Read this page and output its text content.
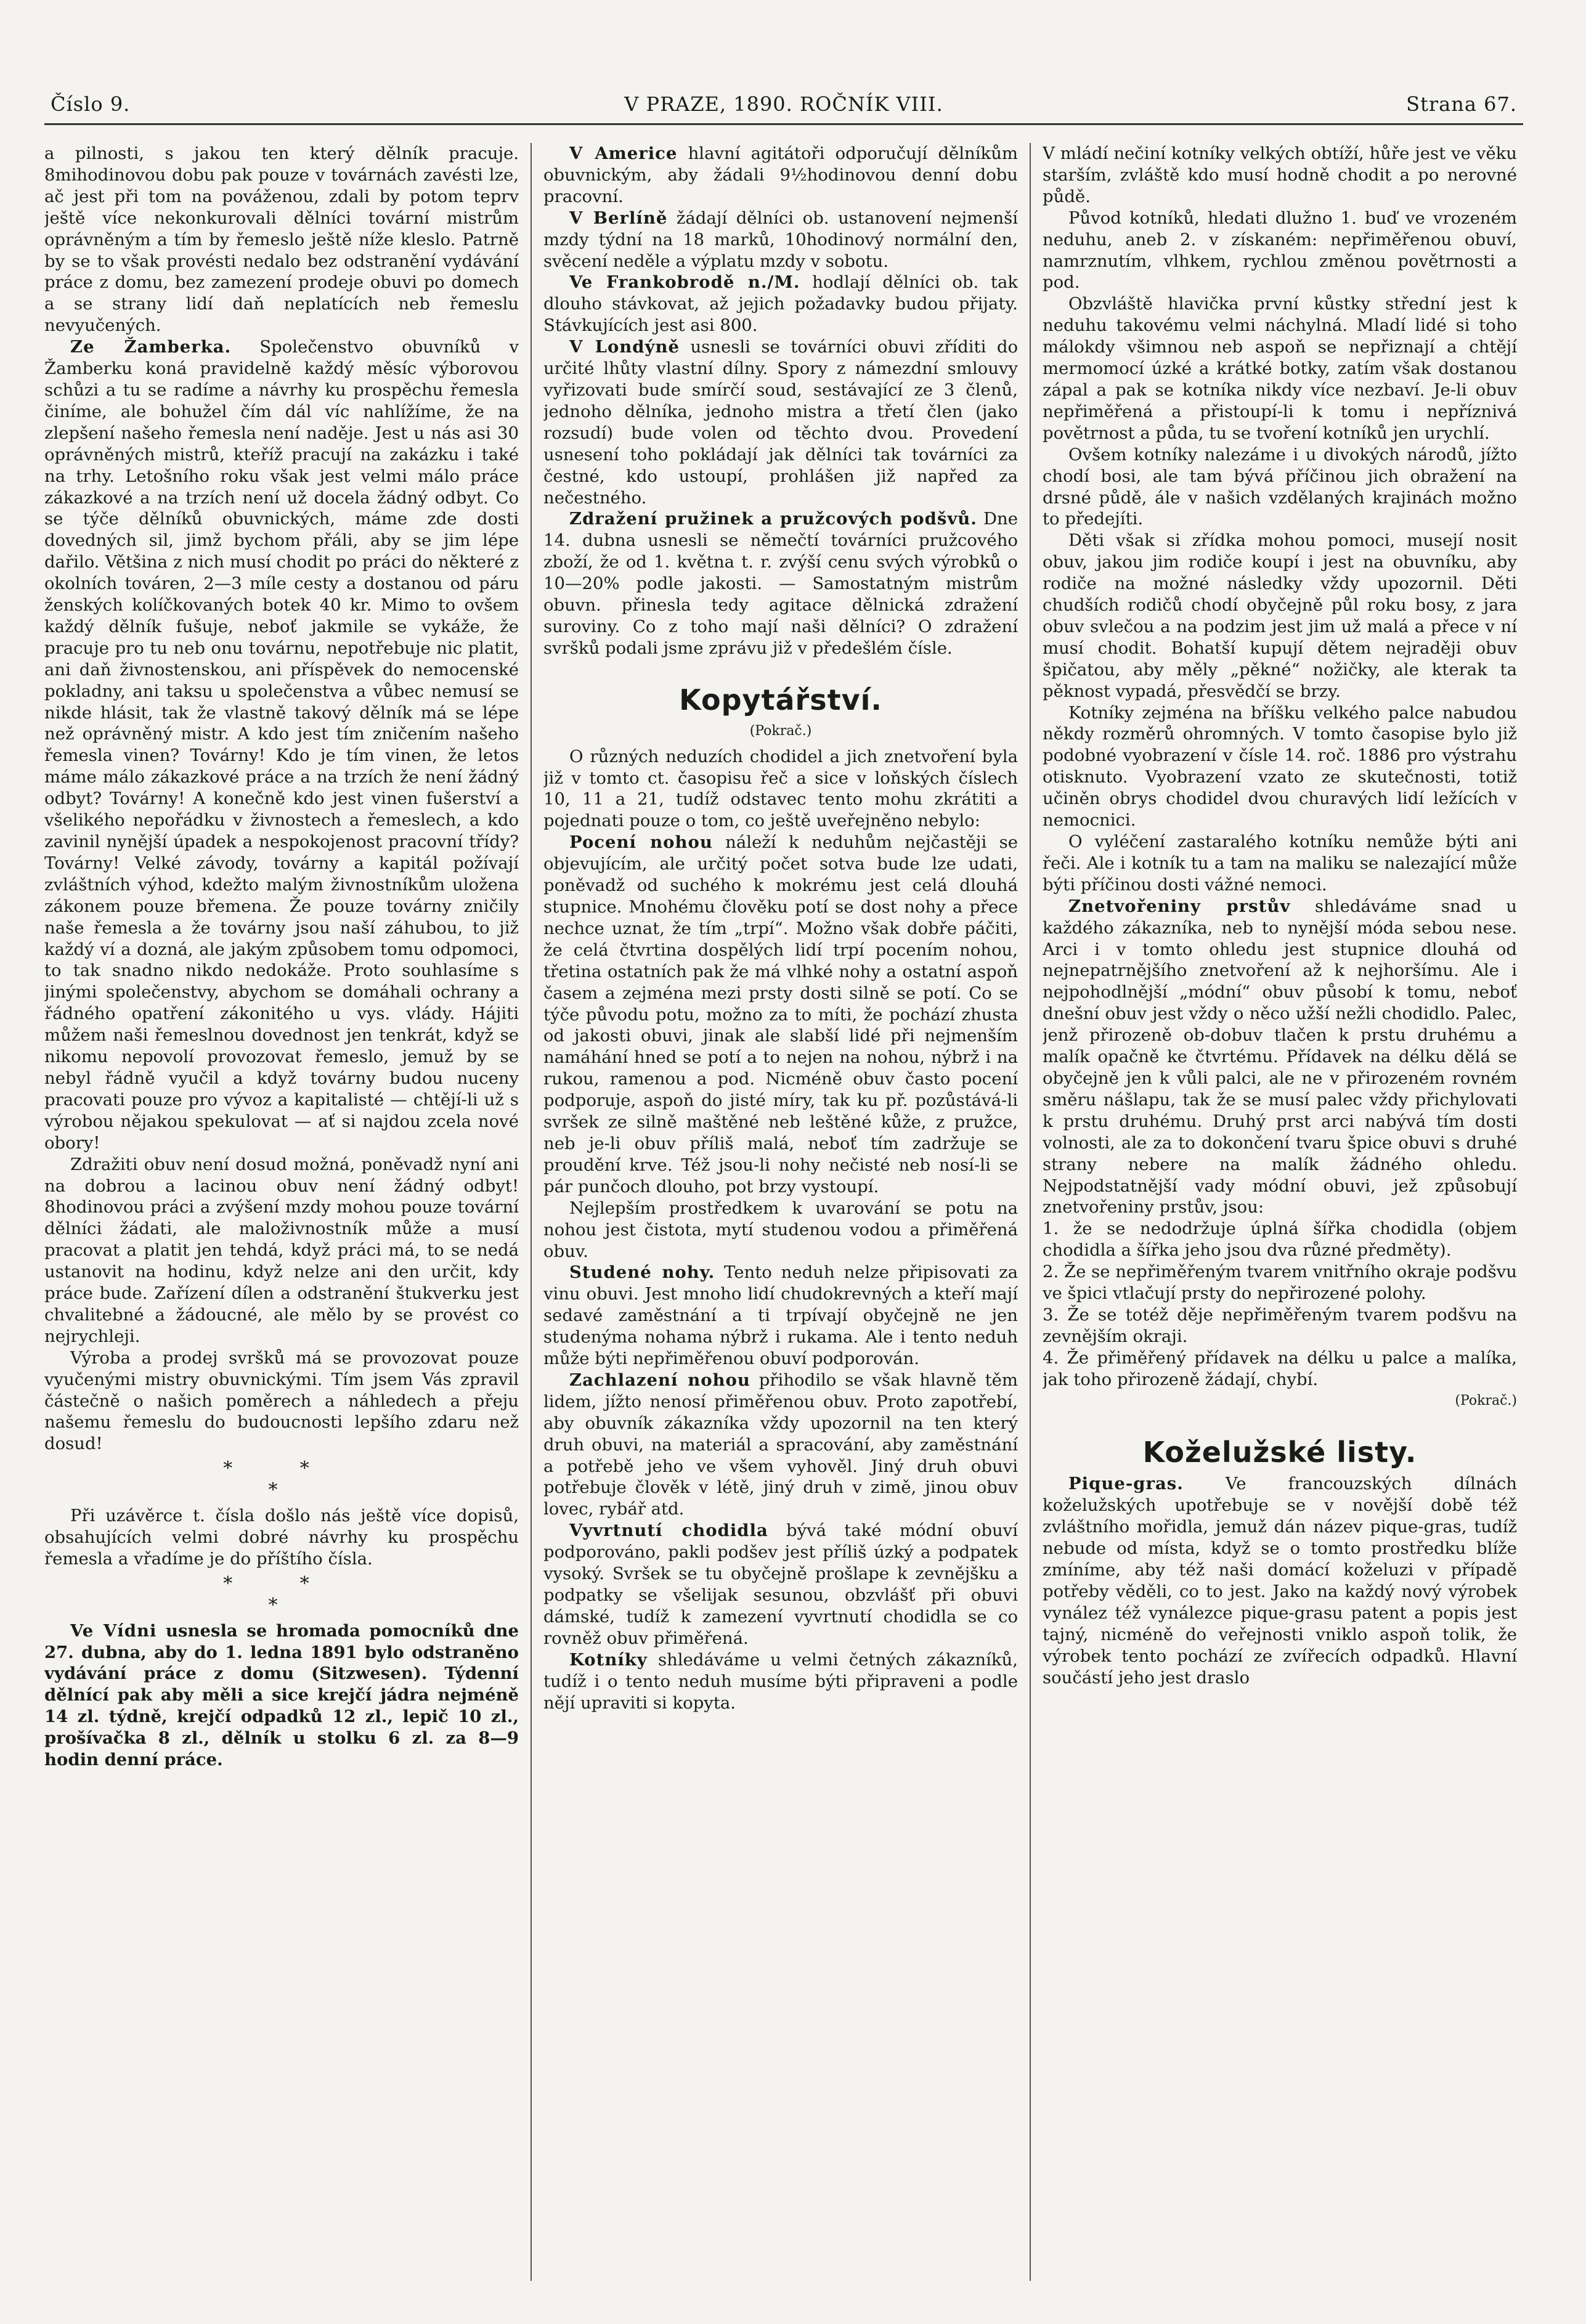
Číslo 9.	V PRAZE, 1890. ROČNÍK VIII.	Strana 67.

a pilnosti, s jakou ten který dělník pracuje. 8mihodinovou dobu pak pouze v továrnách zavésti lze, ač jest při tom na pováženou, zdali by potom teprv ještě více nekonkurovali dělníci tovární mistrům oprávněným a tím by řemeslo ještě níže kleslo. Patrně by se to však provésti nedalo bez odstranění vydávání práce z domu, bez zamezení prodeje obuvi po domech a se strany lidí daň neplatících neb řemeslu nevyučených.

Ze Žamberka. Společenstvo obuvníků v Žamberku koná pravidelně každý měsíc výborovou schůzi a tu se radíme a návrhy ku prospěchu řemesla činíme, ale bohužel čím dál víc nahlížíme, že na zlepšení našeho řemesla není naděje. Jest u nás asi 30 oprávněných mistrů, kteříž pracují na zakázku i také na trhy. Letošního roku však jest velmi málo práce zákazkové a na trzích není už docela žádný odbyt. Co se týče dělníků obuvnických, máme zde dosti dovedných sil, jimž bychom přáli, aby se jim lépe dařilo. Většina z nich musí chodit po práci do některé z okolních továren, 2—3 míle cesty a dostanou od páru ženských kolíčkovaných botek 40 kr. Mimo to ovšem každý dělník fušuje, neboť jakmile se vykáže, že pracuje pro tu neb onu továrnu, nepotřebuje nic platit, ani daň živnostenskou, ani příspěvek do nemocenské pokladny, ani taksu u společenstva a vůbec nemusí se nikde hlásit, tak že vlastně takový dělník má se lépe než oprávněný mistr. A kdo jest tím zničením našeho řemesla vinen? Továrny! Kdo je tím vinen, že letos máme málo zákazkové práce a na trzích že není žádný odbyt? Továrny! A konečně kdo jest vinen fušerství a všelikého nepořádku v živnostech a řemeslech, a kdo zavinil nynější úpadek a nespokojenost pracovní třídy? Továrny! Velké závody, továrny a kapitál požívají zvláštních výhod, kdežto malým živnostníkům uložena zákonem pouze břemena. Že pouze továrny zničily naše řemesla a že továrny jsou naší záhubou, to již každý ví a dozná, ale jakým způsobem tomu odpomoci, to tak snadno nikdo nedokáže. Proto souhlasíme s jinými společenstvy, abychom se domáhali ochrany a řádného opatření zákonitého u vys. vlády. Hájiti můžem naši řemeslnou dovednost jen tenkrát, když se nikomu nepovolí provozovat řemeslo, jemuž by se nebyl řádně vyučil a když továrny budou nuceny pracovati pouze pro vývoz a kapitalisté — chtějí-li už s výrobou nějakou spekulovat — ať si najdou zcela nové obory!

Zdražiti obuv není dosud možná, poněvadž nyní ani na dobrou a lacinou obuv není žádný odbyt! 8hodinovou práci a zvýšení mzdy mohou pouze tovární dělníci žádati, ale maloživnostník může a musí pracovat a platit jen tehdá, když práci má, to se nedá ustanovit na hodinu, když nelze ani den určit, kdy práce bude. Zařízení dílen a odstranění štukverku jest chvalitebné a žádoucné, ale mělo by se provést co nejrychleji.

Výroba a prodej svršků má se provozovat pouze vyučenými mistry obuvnickými. Tím jsem Vás zpravil částečně o našich poměrech a náhledech a přeju našemu řemeslu do budoucnosti lepšího zdaru než dosud!

* *
*

Při uzávěrce t. čísla došlo nás ještě více dopisů, obsahujících velmi dobré návrhy ku prospěchu řemesla a vřadíme je do příštího čísla.

* *
*

Ve Vídni usnesla se hromada pomocníků dne 27. dubna, aby do 1. ledna 1891 bylo odstraněno vydávání práce z domu (Sitzwesen). Týdenní dělnící pak aby měli a sice krejčí jádra nejméně 14 zl. týdně, krejčí odpadků 12 zl., lepič 10 zl., prošívačka 8 zl., dělník u stolku 6 zl. za 8—9 hodin denní práce.

V Americe hlavní agitátoři odporučují dělníkům obuvnickým, aby žádali 9½hodinovou denní dobu pracovní.

V Berlíně žádají dělníci ob. ustanovení nejmenší mzdy týdní na 18 marků, 10hodinový normální den, svěcení neděle a výplatu mzdy v sobotu.

Ve Frankobrodě n./M. hodlají dělníci ob. tak dlouho stávkovat, až jejich požadavky budou přijaty. Stávkujících jest asi 800.

V Londýně usnesli se továrníci obuvi zříditi do určité lhůty vlastní dílny. Spory z námezdní smlouvy vyřizovati bude smírčí soud, sestávající ze 3 členů, jednoho dělníka, jednoho mistra a třetí člen (jako rozsudí) bude volen od těchto dvou. Provedení usnesení toho pokládají jak dělníci tak továrníci za čestné, kdo ustoupí, prohlášen již napřed za nečestného.

Zdražení pružinek a pružcových podšvů. Dne 14. dubna usnesli se němečtí továrníci pružcového zboží, že od 1. května t. r. zvýší cenu svých výrobků o 10—20% podle jakosti. — Samostatným mistrům obuvn. přinesla tedy agitace dělnická zdražení suroviny. Co z toho mají naši dělníci? O zdražení svršků podali jsme zprávu již v předešlém čísle.

Kopytářství.
(Pokrač.)

O různých neduzích chodidel a jich znetvoření byla již v tomto ct. časopisu řeč a sice v loňských číslech 10, 11 a 21, tudíž odstavec tento mohu zkrátiti a pojednati pouze o tom, co ještě uveřejněno nebylo:

Pocení nohou náleží k neduhům nejčastěji se objevujícím, ale určitý počet sotva bude lze udati, poněvadž od suchého k mokrému jest celá dlouhá stupnice. Mnohému člověku potí se dost nohy a přece nechce uznat, že tím „trpí“. Možno však dobře páčiti, že celá čtvrtina dospělých lidí trpí pocením nohou, třetina ostatních pak že má vlhké nohy a ostatní aspoň časem a zejména mezi prsty dosti silně se potí. Co se týče původu potu, možno za to míti, že pochází zhusta od jakosti obuvi, jinak ale slabší lidé při nejmenším namáhání hned se potí a to nejen na nohou, nýbrž i na rukou, ramenou a pod. Nicméně obuv často pocení podporuje, aspoň do jisté míry, tak ku př. pozůstává-li svršek ze silně maštěné neb leštěné kůže, z pružce, neb je-li obuv příliš malá, neboť tím zadržuje se proudění krve. Též jsou-li nohy nečisté neb nosí-li se pár punčoch dlouho, pot brzy vystoupí.

Nejlepším prostředkem k uvarování se potu na nohou jest čistota, mytí studenou vodou a přiměřená obuv.

Studené nohy. Tento neduh nelze připisovati za vinu obuvi. Jest mnoho lidí chudokrevných a kteří mají sedavé zaměstnání a ti trpívají obyčejně ne jen studenýma nohama nýbrž i rukama. Ale i tento neduh může býti nepřiměřenou obuví podporován.

Zachlazení nohou přihodilo se však hlavně těm lidem, jížto nenosí přiměřenou obuv. Proto zapotřebí, aby obuvník zákazníka vždy upozornil na ten který druh obuvi, na materiál a spracování, aby zaměstnání a potřebě jeho ve všem vyhověl. Jiný druh obuvi potřebuje člověk v létě, jiný druh v zimě, jinou obuv lovec, rybář atd.

Vyvrtnutí chodidla bývá také módní obuví podporováno, pakli podšev jest příliš úzký a podpatek vysoký. Svršek se tu obyčejně prošlape k zevnějšku a podpatky se všelijak sesunou, obzvlášť při obuvi dámské, tudíž k zamezení vyvrtnutí chodidla se co rovněž obuv přiměřená.

Kotníky shledáváme u velmi četných zákazníků, tudíž i o tento neduh musíme býti připraveni a podle nějí upraviti si kopyta.

V mládí nečiní kotníky velkých obtíží, hůře jest ve věku starším, zvláště kdo musí hodně chodit a po nerovné půdě.

Původ kotníků, hledati dlužno 1. buď ve vrozeném neduhu, aneb 2. v získaném: nepřiměřenou obuví, namrznutím, vlhkem, rychlou změnou povětrnosti a pod.

Obzvláště hlavička první kůstky střední jest k neduhu takovému velmi náchylná. Mladí lidé si toho málokdy všimnou neb aspoň se nepřiznají a chtějí mermomocí úzké a krátké botky, zatím však dostanou zápal a pak se kotníka nikdy více nezbaví. Je-li obuv nepřiměřená a přistoupí-li k tomu i nepříznivá povětrnost a půda, tu se tvoření kotníků jen urychlí.

Ovšem kotníky nalezáme i u divokých národů, jížto chodí bosi, ale tam bývá příčinou jich obražení na drsné půdě, ále v našich vzdělaných krajinách možno to předejíti.

Děti však si zřídka mohou pomoci, musejí nosit obuv, jakou jim rodiče koupí i jest na obuvníku, aby rodiče na možné následky vždy upozornil. Děti chudších rodičů chodí obyčejně půl roku bosy, z jara obuv svlečou a na podzim jest jim už malá a přece v ní musí chodit. Bohatší kupují dětem nejraději obuv špičatou, aby měly „pěkné“ nožičky, ale kterak ta pěknost vypadá, přesvědčí se brzy.

Kotníky zejména na bříšku velkého palce nabudou někdy rozměrů ohromných. V tomto časopise bylo již podobné vyobrazení v čísle 14. roč. 1886 pro výstrahu otisknuto. Vyobrazení vzato ze skutečnosti, totiž učiněn obrys chodidel dvou churavých lidí ležících v nemocnici.

O vyléčení zastaralého kotníku nemůže býti ani řeči. Ale i kotník tu a tam na maliku se nalezající může býti příčinou dosti vážné nemoci.

Znetvořeniny prstův shledáváme snad u každého zákazníka, neb to nynější móda sebou nese. Arci i v tomto ohledu jest stupnice dlouhá od nejnepatrnějšího znetvoření až k nejhoršímu. Ale i nejpohodlnější „módní“ obuv působí k tomu, neboť dnešní obuv jest vždy o něco užší nežli chodidlo. Palec, jenž přirozeně ob-dobuv tlačen k prstu druhému a malík opačně ke čtvrtému. Přídavek na délku dělá se obyčejně jen k vůli palci, ale ne v přirozeném rovném směru nášlapu, tak že se musí palec vždy přichylovati k prstu druhému. Druhý prst arci nabývá tím dosti volnosti, ale za to dokončení tvaru špice obuvi s druhé strany nebere na malík žádného ohledu. Nejpodstatnější vady módní obuvi, jež způsobují znetvořeniny prstův, jsou:

1. že se nedodržuje úplná šířka chodidla (objem chodidla a šířka jeho jsou dva různé předměty).

2. Že se nepřiměřeným tvarem vnitřního okraje podšvu ve špici vtlačují prsty do nepřirozené polohy.

3. Že se totéž děje nepřiměřeným tvarem podšvu na zevnějším okraji.

4. Že přiměřený přídavek na délku u palce a malíka, jak toho přirozeně žádají, chybí.

(Pokrač.)
Koželužské listy.

Pique-gras. Ve francouzských dílnách koželužských upotřebuje se v novější době též zvláštního mořidla, jemuž dán název pique-gras, tudíž nebude od místa, když se o tomto prostředku blíže zmíníme, aby též naši domácí koželuzi v případě potřeby věděli, co to jest. Jako na každý nový výrobek vynález též vynálezce pique-grasu patent a popis jest tajný, nicméně do veřejnosti vniklo aspoň tolik, že výrobek tento pochází ze zvířecích odpadků. Hlavní součástí jeho jest draslo
